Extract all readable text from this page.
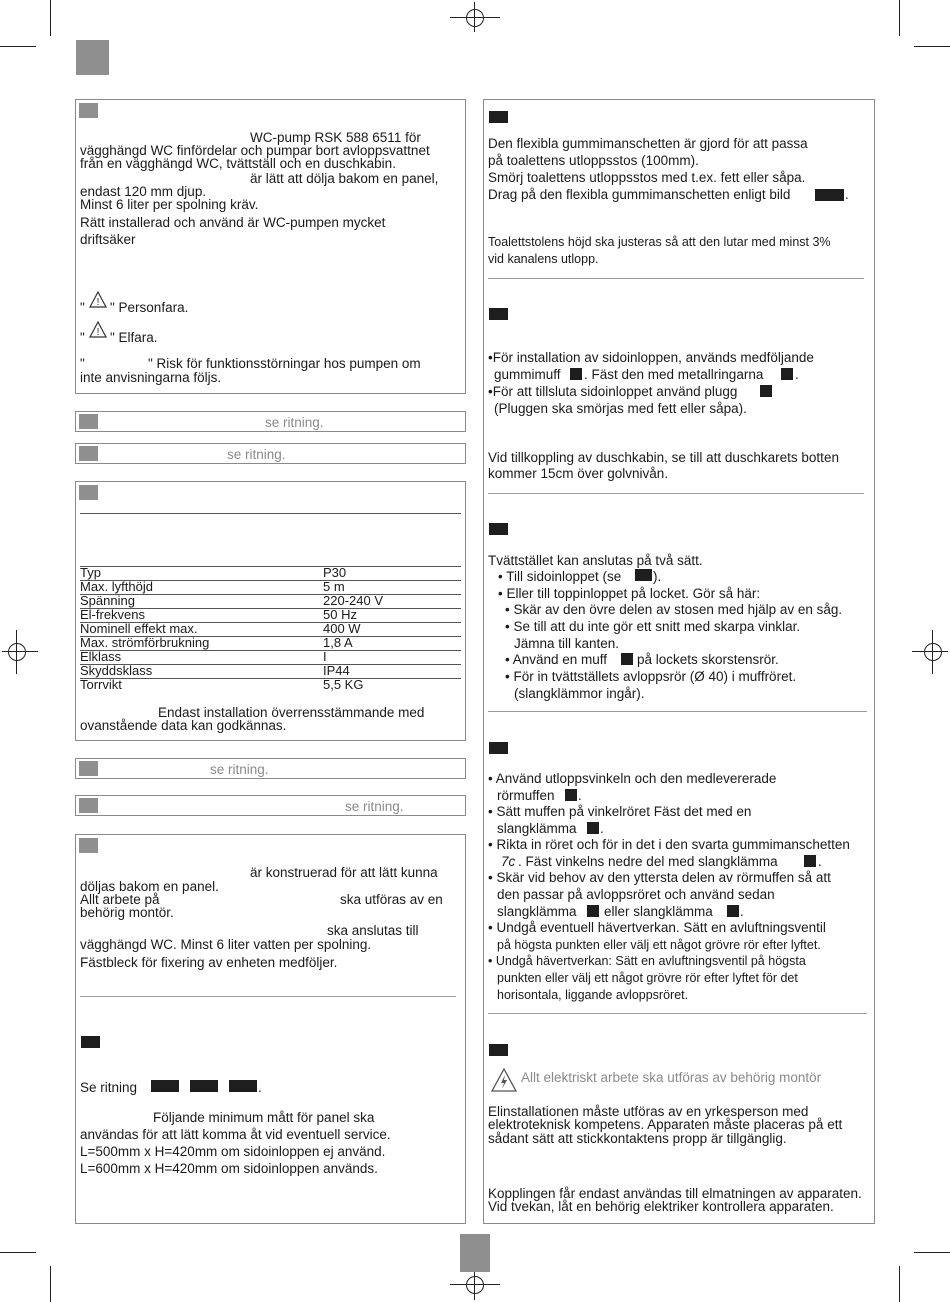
WC-pump RSK 588 6511 för
vägghängd WC finfördelar och pumpar bort avloppsvattnet
från en vägghängd WC, tvättställ och en duschkabin.
är lätt att dölja bakom en panel,
endast 120 mm djup.
Minst 6 liter per spolning kräv.
Rätt installerad och använd är WC-pumpen mycket
driftsäker
" ! " Personfara.
" ! " Elfara.
"	" Risk för funktionsstörningar hos pumpen om
inte anvisningarna följs.
se ritning.
se ritning.
Typ	P30
Max. lyfthöjd	5 m
Spänning	220-240 V
El-frekvens	50 Hz
Nominell effekt max.	400 W
Max. strömförbrukning	1,8 A
Elklass	I
Skyddsklass	IP44
Torrvikt	5,5 KG
Endast installation överrensstämmande med
ovanstående data kan godkännas.
se ritning.
se ritning.
är konstruerad för att lätt kunna
döljas bakom en panel.
Allt arbete på	ska utföras av en
behörig montör.
ska anslutas till
vägghängd WC. Minst 6 liter vatten per spolning.
Fästbleck för fixering av enheten medföljer.
Se ritning	.
Följande minimum mått för panel ska
användas för att lätt komma åt vid eventuell service.
L=500mm x H=420mm om sidoinloppen ej använd.
L=600mm x H=420mm om sidoinloppen används.
Den flexibla gummimanschetten är gjord för att passa
på toalettens utloppsstos (100mm).
Smörj toalettens utloppsstos med t.ex. fett eller såpa.
Drag på den flexibla gummimanschetten enligt bild	.
Toalettstolens höjd ska justeras så att den lutar med minst 3%
vid kanalens utlopp.
•För installation av sidoinloppen, används medföljande
gummimuff . Fäst den med metallringarna .
•För att tillsluta sidoinloppet använd plugg
(Pluggen ska smörjas med fett eller såpa).
Vid tillkoppling av duschkabin, se till att duschkarets botten
kommer 15cm över golvnivån.
Tvättstället kan anslutas på två sätt.
• Till sidoinloppet (se ).
• Eller till toppinloppet på locket. Gör så här:
• Skär av den övre delen av stosen med hjälp av en såg.
• Se till att du inte gör ett snitt med skarpa vinklar.
Jämna till kanten.
• Använd en muff på lockets skorstensrör.
• För in tvättställets avloppsrör (Ø 40) i muffröret.
(slangklämmor ingår).
• Använd utloppsvinkeln och den medlevererade
rörmuffen .
• Sätt muffen på vinkelröret Fäst det med en
slangklämma .
• Rikta in röret och för in det i den svarta gummimanschetten
7c . Fäst vinkelns nedre del med slangklämma	.
• Skär vid behov av den yttersta delen av rörmuffen så att
den passar på avloppsröret och använd sedan
slangklämma eller slangklämma .
• Undgå eventuell hävertverkan. Sätt en avluftningsventil
på högsta punkten eller välj ett något grövre rör efter lyftet.
• Undgå hävertverkan: Sätt en avluftningsventil på högsta
punkten eller välj ett något grövre rör efter lyftet för det
horisontala, liggande avloppsröret.
Allt elektriskt arbete ska utföras av behörig montör
Elinstallationen måste utföras av en yrkesperson med
elektroteknisk kompetens. Apparaten måste placeras på ett
sådant sätt att stickkontaktens propp är tillgänglig.
Kopplingen får endast användas till elmatningen av apparaten.
Vid tvekan, låt en behörig elektriker kontrollera apparaten.
